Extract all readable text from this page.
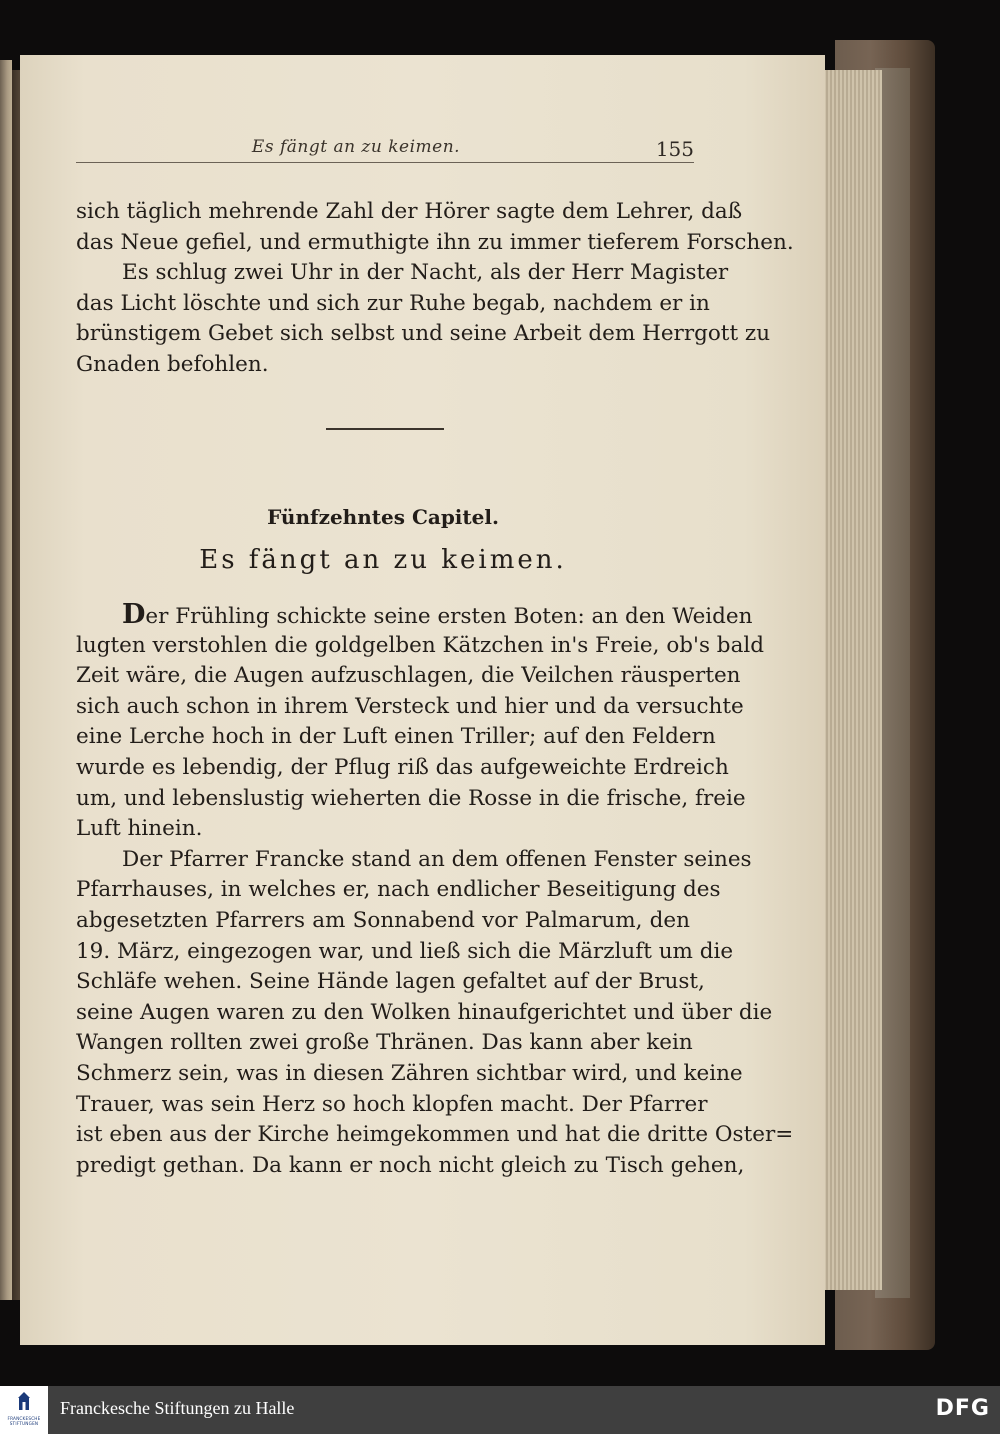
Es fängt an zu keimen.	155
sich täglich mehrende Zahl der Hörer sagte dem Lehrer, daß
das Neue gefiel, und ermuthigte ihn zu immer tieferem Forschen.
Es schlug zwei Uhr in der Nacht, als der Herr Magister
das Licht löschte und sich zur Ruhe begab, nachdem er in
brünstigem Gebet sich selbst und seine Arbeit dem Herrgott zu
Gnaden befohlen.
Fünfzehntes Capitel.
Es fängt an zu keimen.
Der Frühling schickte seine ersten Boten: an den Weiden
lugten verstohlen die goldgelben Kätzchen in's Freie, ob's bald
Zeit wäre, die Augen aufzuschlagen, die Veilchen räusperten
sich auch schon in ihrem Versteck und hier und da versuchte
eine Lerche hoch in der Luft einen Triller; auf den Feldern
wurde es lebendig, der Pflug riß das aufgeweichte Erdreich
um, und lebenslustig wieherten die Rosse in die frische, freie
Luft hinein.
Der Pfarrer Francke stand an dem offenen Fenster seines
Pfarrhauses, in welches er, nach endlicher Beseitigung des
abgesetzten Pfarrers am Sonnabend vor Palmarum, den
19. März, eingezogen war, und ließ sich die Märzluft um die
Schläfe wehen. Seine Hände lagen gefaltet auf der Brust,
seine Augen waren zu den Wolken hinaufgerichtet und über die
Wangen rollten zwei große Thränen. Das kann aber kein
Schmerz sein, was in diesen Zähren sichtbar wird, und keine
Trauer, was sein Herz so hoch klopfen macht. Der Pfarrer
ist eben aus der Kirche heimgekommen und hat die dritte Oster=
predigt gethan. Da kann er noch nicht gleich zu Tisch gehen,
FRANCKESCHE
STIFTUNGEN
Franckesche Stiftungen zu Halle	DFG
